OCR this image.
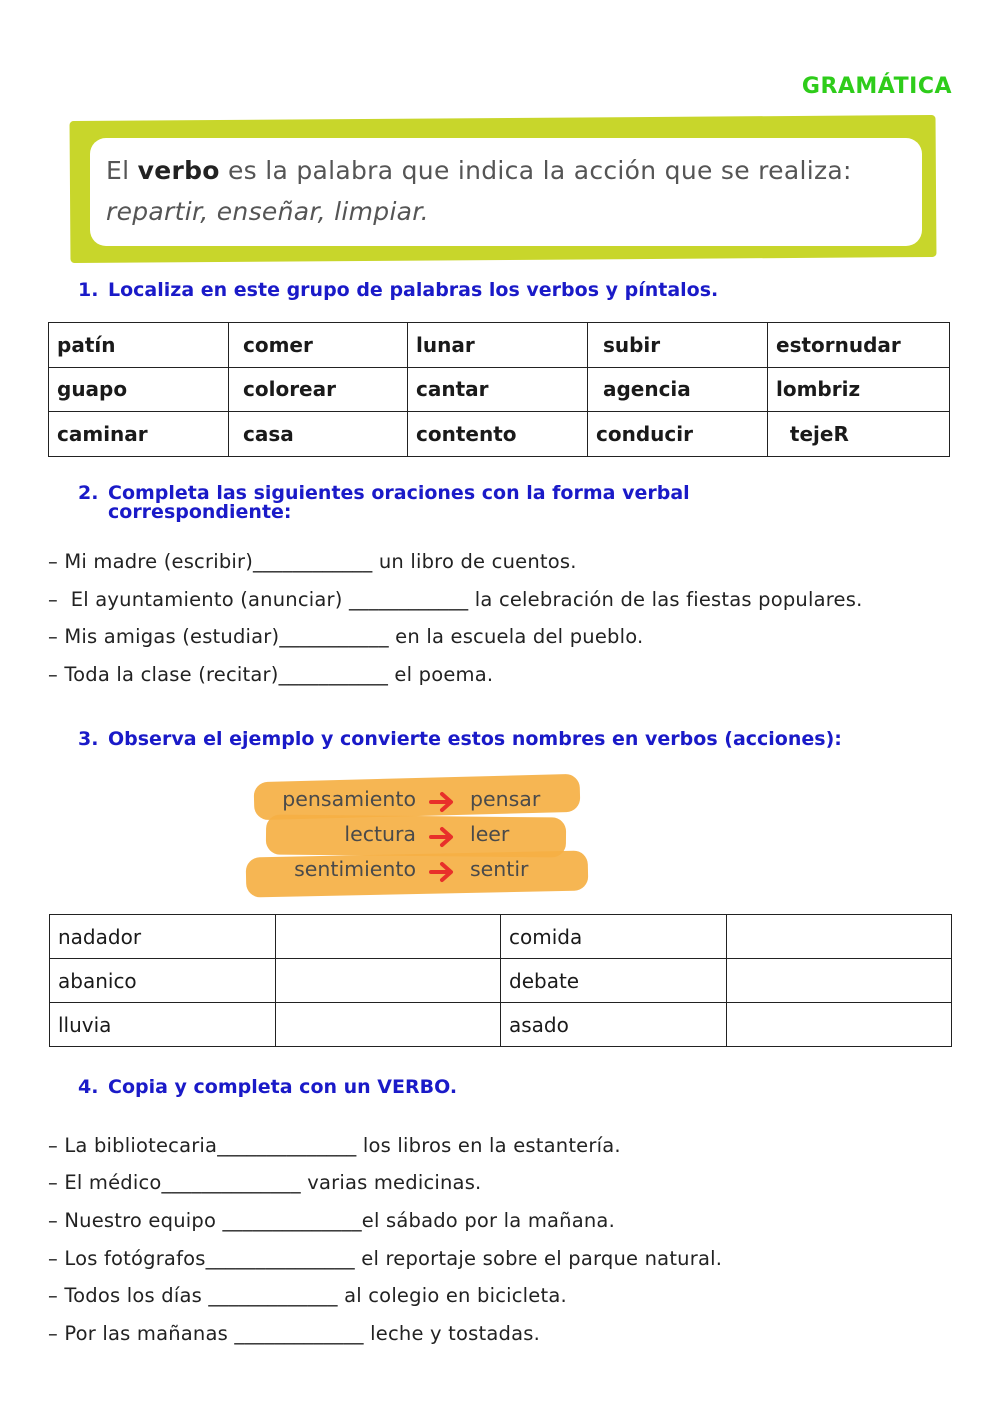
GRAMÁTICA
El verbo es la palabra que indica la acción que se realiza:
repartir, enseñar, limpiar.
1. Localiza en este grupo de palabras los verbos y píntalos.
patín	comer	lunar	subir	estornudar
guapo	colorear	cantar	agencia	lombriz
caminar	casa	contento	conducir	tejeR
2. Completa las siguientes oraciones con la forma verbal
correspondiente:
– Mi madre (escribir)____________ un libro de cuentos.
–  El ayuntamiento (anunciar) ____________ la celebración de las fiestas populares.
– Mis amigas (estudiar)___________ en la escuela del pueblo.
– Toda la clase (recitar)___________ el poema.
3. Observa el ejemplo y convierte estos nombres en verbos (acciones):
pensamiento	pensar
lectura	leer
sentimiento	sentir
nadador		comida	
abanico		debate	
lluvia		asado	
4. Copia y completa con un VERBO.
– La bibliotecaria______________ los libros en la estantería.
– El médico______________ varias medicinas.
– Nuestro equipo ______________el sábado por la mañana.
– Los fotógrafos_______________ el reportaje sobre el parque natural.
– Todos los días _____________ al colegio en bicicleta.
– Por las mañanas _____________ leche y tostadas.
